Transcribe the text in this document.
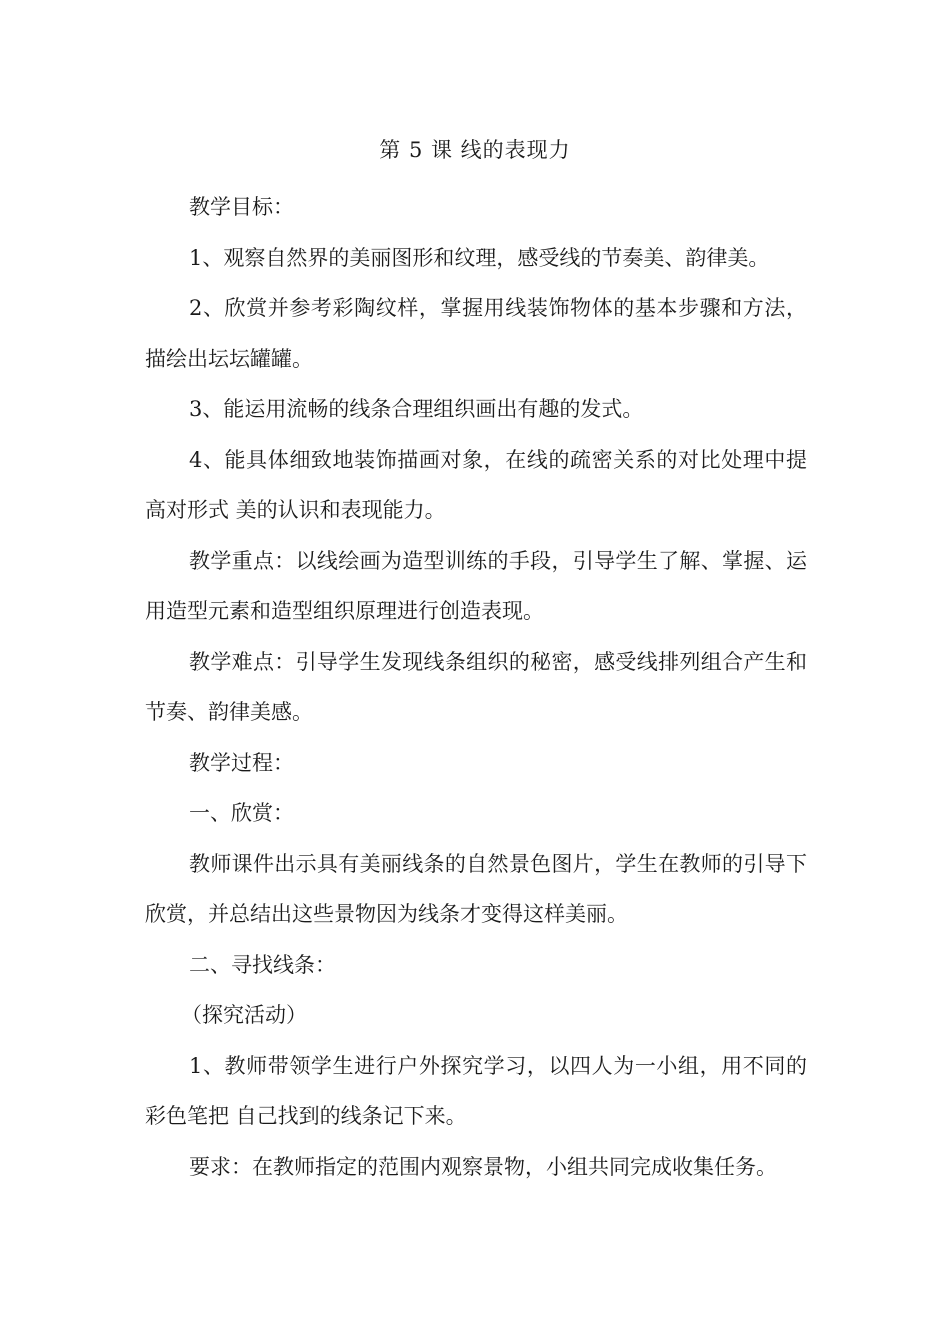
第 5 课 线的表现力

教学目标：

1、观察自然界的美丽图形和纹理，感受线的节奏美、韵律美。

2、欣赏并参考彩陶纹样，掌握用线装饰物体的基本步骤和方法，描绘出坛坛罐罐。

3、能运用流畅的线条合理组织画出有趣的发式。

4、能具体细致地装饰描画对象，在线的疏密关系的对比处理中提高对形式 美的认识和表现能力。

教学重点：以线绘画为造型训练的手段，引导学生了解、掌握、运用造型元素和造型组织原理进行创造表现。

教学难点：引导学生发现线条组织的秘密，感受线排列组合产生和节奏、韵律美感。

教学过程：

一、欣赏：

教师课件出示具有美丽线条的自然景色图片，学生在教师的引导下欣赏，并总结出这些景物因为线条才变得这样美丽。

二、寻找线条：

（探究活动）

1、教师带领学生进行户外探究学习，以四人为一小组，用不同的彩色笔把 自己找到的线条记下来。

要求：在教师指定的范围内观察景物，小组共同完成收集任务。
